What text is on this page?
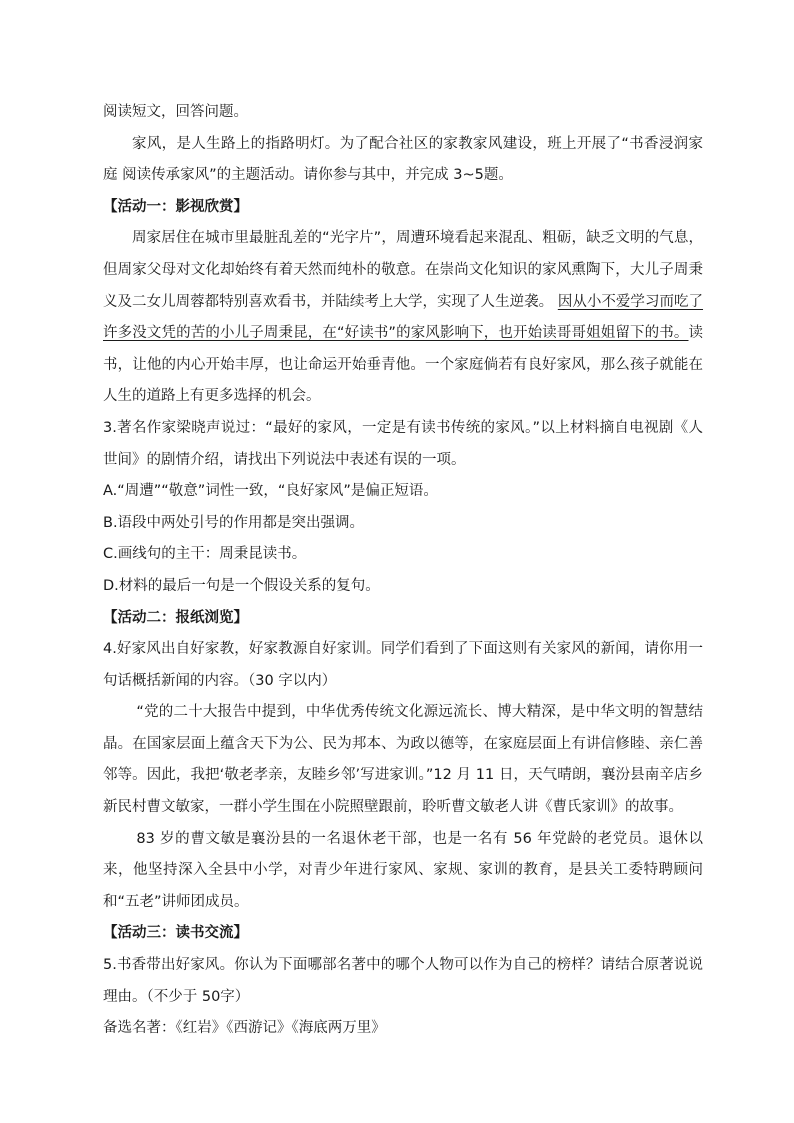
阅读短文，回答问题。

家风，是人生路上的指路明灯。为了配合社区的家教家风建设，班上开展了“书香浸润家庭 阅读传承家风”的主题活动。请你参与其中，并完成 3~5题。

【活动一：影视欣赏】

周家居住在城市里最脏乱差的“光字片”，周遭环境看起来混乱、粗砺，缺乏文明的气息，但周家父母对文化却始终有着天然而纯朴的敬意。在崇尚文化知识的家风熏陶下，大儿子周秉义及二女儿周蓉都特别喜欢看书，并陆续考上大学，实现了人生逆袭。 因从小不爱学习而吃了许多没文凭的苦的小儿子周秉昆，在“好读书”的家风影响下，也开始读哥哥姐姐留下的书。读书，让他的内心开始丰厚，也让命运开始垂青他。一个家庭倘若有良好家风，那么孩子就能在人生的道路上有更多选择的机会。

3.著名作家梁晓声说过：“最好的家风，一定是有读书传统的家风。”以上材料摘自电视剧《人世间》的剧情介绍，请找出下列说法中表述有误的一项。

A.“周遭”“敬意”词性一致，“良好家风”是偏正短语。

B.语段中两处引号的作用都是突出强调。

C.画线句的主干：周秉昆读书。

D.材料的最后一句是一个假设关系的复句。

【活动二：报纸浏览】

4.好家风出自好家教，好家教源自好家训。同学们看到了下面这则有关家风的新闻，请你用一句话概括新闻的内容。（30 字以内）

“党的二十大报告中提到，中华优秀传统文化源远流长、博大精深，是中华文明的智慧结晶。在国家层面上蕴含天下为公、民为邦本、为政以德等，在家庭层面上有讲信修睦、亲仁善邻等。因此，我把‘敬老孝亲，友睦乡邻’写进家训。”12 月 11 日，天气晴朗，襄汾县南辛店乡新民村曹文敏家，一群小学生围在小院照壁跟前，聆听曹文敏老人讲《曹氏家训》的故事。

83 岁的曹文敏是襄汾县的一名退休老干部，也是一名有 56 年党龄的老党员。退休以来，他坚持深入全县中小学，对青少年进行家风、家规、家训的教育，是县关工委特聘顾问和“五老”讲师团成员。

【活动三：读书交流】

5.书香带出好家风。你认为下面哪部名著中的哪个人物可以作为自己的榜样？请结合原著说说理由。（不少于 50字）

备选名著：《红岩》《西游记》《海底两万里》
